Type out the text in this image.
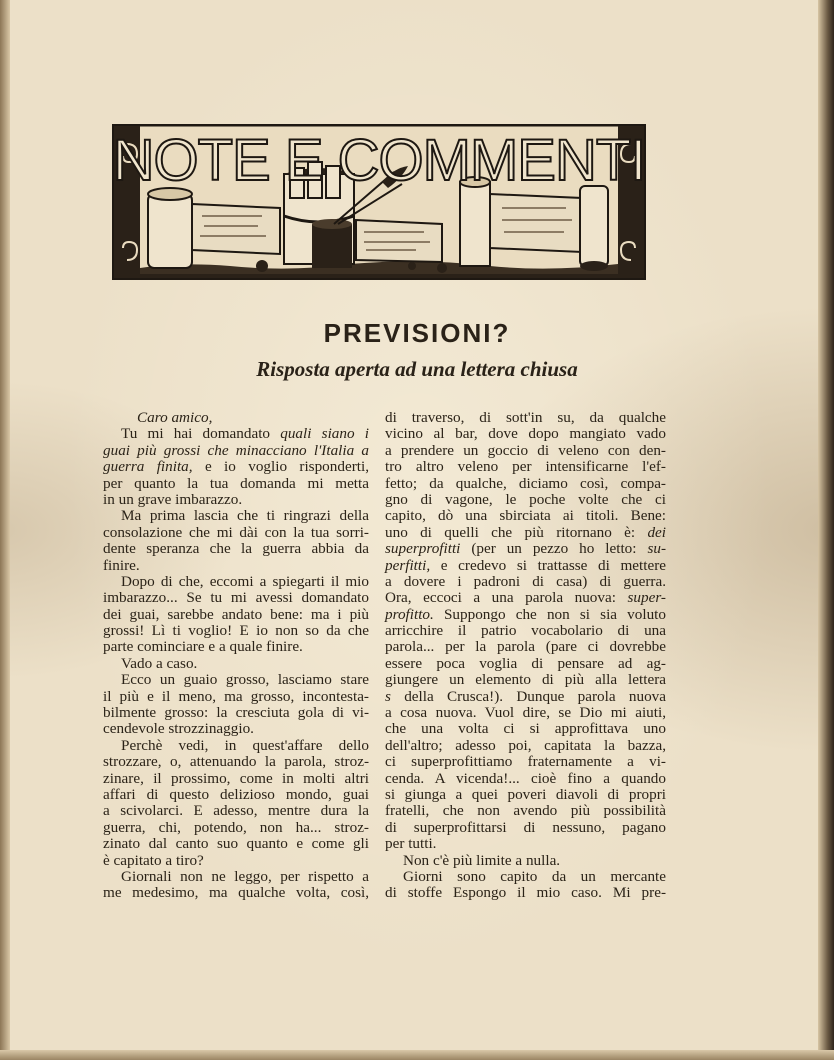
NOTE E COMMENTI
PREVISIONI?
Risposta aperta ad una lettera chiusa
Caro amico,
Tu mi hai domandato quali siano i
guai più grossi che minacciano l'Italia a
guerra finita, e io voglio risponderti,
per quanto la tua domanda mi metta
in un grave imbarazzo.
Ma prima lascia che ti ringrazi della
consolazione che mi dài con la tua sorri-
dente speranza che la guerra abbia da
finire.
Dopo di che, eccomi a spiegarti il mio
imbarazzo... Se tu mi avessi domandato
dei guai, sarebbe andato bene: ma i più
grossi! Lì ti voglio! E io non so da che
parte cominciare e a quale finire.
Vado a caso.
Ecco un guaio grosso, lasciamo stare
il più e il meno, ma grosso, incontesta-
bilmente grosso: la cresciuta gola di vi-
cendevole strozzinaggio.
Perchè vedi, in quest'affare dello
strozzare, o, attenuando la parola, stroz-
zinare, il prossimo, come in molti altri
affari di questo delizioso mondo, guai
a scivolarci. E adesso, mentre dura la
guerra, chi, potendo, non ha... stroz-
zinato dal canto suo quanto e come gli
è capitato a tiro?
Giornali non ne leggo, per rispetto a
me medesimo, ma qualche volta, così,
di traverso, di sott'in su, da qualche
vicino al bar, dove dopo mangiato vado
a prendere un goccio di veleno con den-
tro altro veleno per intensificarne l'ef-
fetto; da qualche, diciamo così, compa-
gno di vagone, le poche volte che ci
capito, dò una sbirciata ai titoli. Bene:
uno di quelli che più ritornano è: dei
superprofitti (per un pezzo ho letto: su-
perfitti, e credevo si trattasse di mettere
a dovere i padroni di casa) di guerra.
Ora, eccoci a una parola nuova: super-
profitto. Suppongo che non si sia voluto
arricchire il patrio vocabolario di una
parola... per la parola (pare ci dovrebbe
essere poca voglia di pensare ad ag-
giungere un elemento di più alla lettera
s della Crusca!). Dunque parola nuova
a cosa nuova. Vuol dire, se Dio mi aiuti,
che una volta ci si approfittava uno
dell'altro; adesso poi, capitata la bazza,
ci superprofittiamo fraternamente a vi-
cenda. A vicenda!... cioè fino a quando
si giunga a quei poveri diavoli di propri
fratelli, che non avendo più possibilità
di superprofittarsi di nessuno, pagano
per tutti.
Non c'è più limite a nulla.
Giorni sono capito da un mercante
di stoffe Espongo il mio caso. Mi pre-
